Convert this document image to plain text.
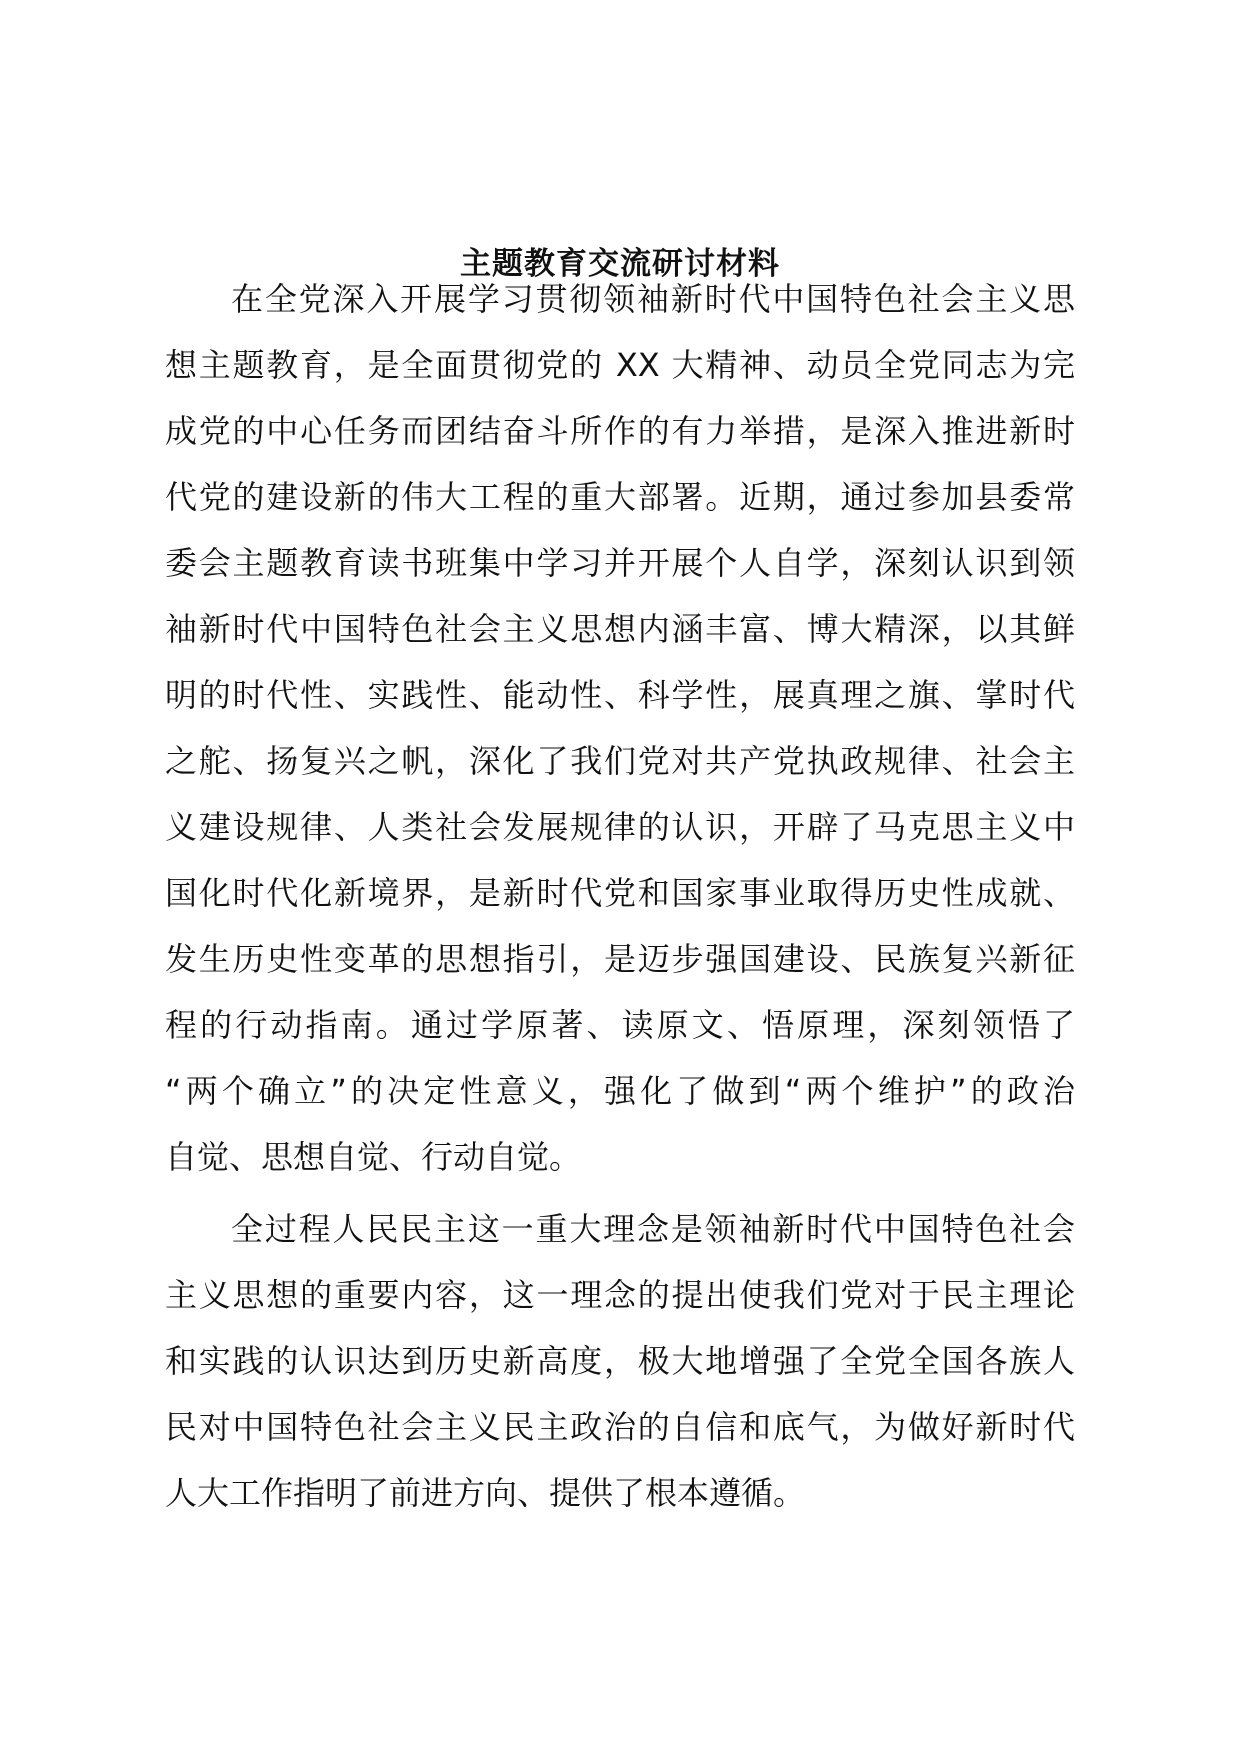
主题教育交流研讨材料
在全党深入开展学习贯彻领袖新时代中国特色社会主义思
想主题教育，是全面贯彻党的 XX 大精神、动员全党同志为完
成党的中心任务而团结奋斗所作的有力举措，是深入推进新时
代党的建设新的伟大工程的重大部署。近期，通过参加县委常
委会主题教育读书班集中学习并开展个人自学，深刻认识到领
袖新时代中国特色社会主义思想内涵丰富、博大精深，以其鲜
明的时代性、实践性、能动性、科学性，展真理之旗、掌时代
之舵、扬复兴之帆，深化了我们党对共产党执政规律、社会主
义建设规律、人类社会发展规律的认识，开辟了马克思主义中
国化时代化新境界，是新时代党和国家事业取得历史性成就、
发生历史性变革的思想指引，是迈步强国建设、民族复兴新征
程的行动指南。通过学原著、读原文、悟原理，深刻领悟了
“两个确立”的决定性意义，强化了做到“两个维护”的政治
自觉、思想自觉、行动自觉。
全过程人民民主这一重大理念是领袖新时代中国特色社会
主义思想的重要内容，这一理念的提出使我们党对于民主理论
和实践的认识达到历史新高度，极大地增强了全党全国各族人
民对中国特色社会主义民主政治的自信和底气，为做好新时代
人大工作指明了前进方向、提供了根本遵循。
